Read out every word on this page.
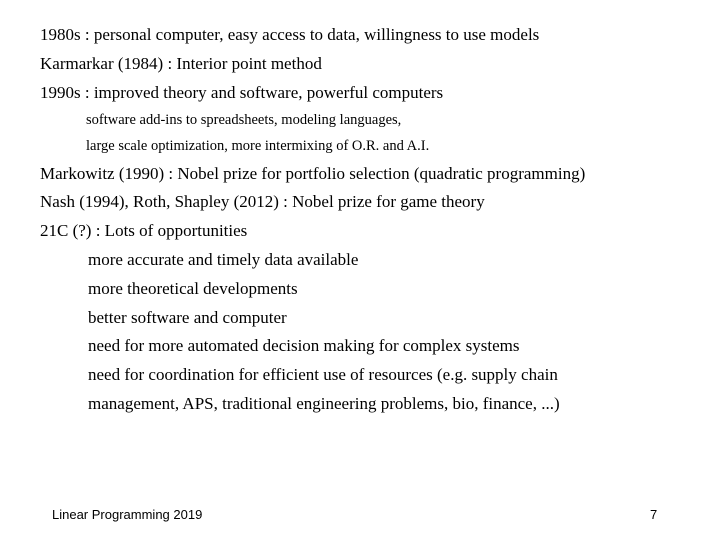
1980s : personal computer, easy access to data, willingness to use models
Karmarkar (1984) : Interior point method
1990s : improved theory and software, powerful computers
software add-ins to spreadsheets, modeling languages,
large scale optimization, more intermixing of O.R. and A.I.
Markowitz (1990) : Nobel prize for portfolio selection (quadratic programming)
Nash (1994), Roth, Shapley (2012) : Nobel prize for game theory
21C (?) : Lots of opportunities
more accurate and timely data available
more theoretical developments
better software and computer
need for more automated decision making for complex systems
need for coordination for efficient use of resources (e.g. supply chain
management, APS, traditional engineering problems, bio, finance, ...)
Linear Programming 2019	7
